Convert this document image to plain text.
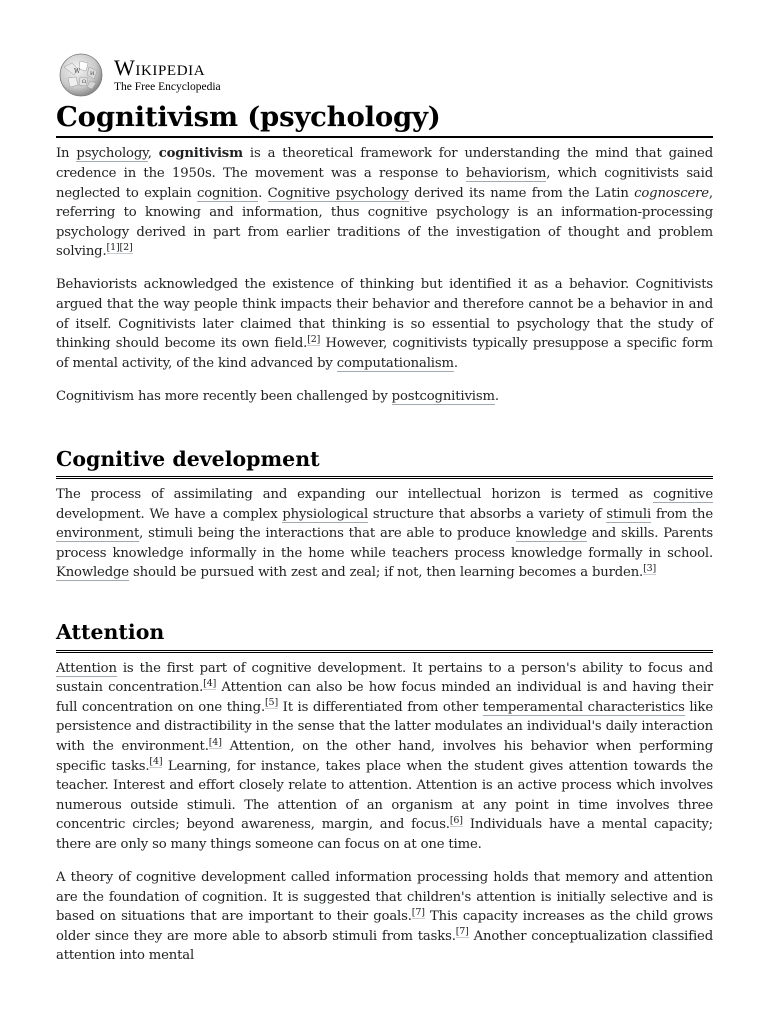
W
Ω
И Wikipedia
The Free Encyclopedia
Cognitivism (psychology)

In psychology, cognitivism is a theoretical framework for understanding the mind that gained credence in the 1950s. The movement was a response to behaviorism, which cognitivists said neglected to explain cognition. Cognitive psychology derived its name from the Latin cognoscere, referring to knowing and information, thus cognitive psychology is an information-processing psychology derived in part from earlier traditions of the investigation of thought and problem solving.[1][2]

Behaviorists acknowledged the existence of thinking but identified it as a behavior. Cognitivists argued that the way people think impacts their behavior and therefore cannot be a behavior in and of itself. Cognitivists later claimed that thinking is so essential to psychology that the study of thinking should become its own field.[2] However, cognitivists typically presuppose a specific form of mental activity, of the kind advanced by computationalism.

Cognitivism has more recently been challenged by postcognitivism.

Cognitive development

The process of assimilating and expanding our intellectual horizon is termed as cognitive development. We have a complex physiological structure that absorbs a variety of stimuli from the environment, stimuli being the interactions that are able to produce knowledge and skills. Parents process knowledge informally in the home while teachers process knowledge formally in school. Knowledge should be pursued with zest and zeal; if not, then learning becomes a burden.[3]

Attention

Attention is the first part of cognitive development. It pertains to a person's ability to focus and sustain concentration.[4] Attention can also be how focus minded an individual is and having their full concentration on one thing.[5] It is differentiated from other temperamental characteristics like persistence and distractibility in the sense that the latter modulates an individual's daily interaction with the environment.[4] Attention, on the other hand, involves his behavior when performing specific tasks.[4] Learning, for instance, takes place when the student gives attention towards the teacher. Interest and effort closely relate to attention. Attention is an active process which involves numerous outside stimuli. The attention of an organism at any point in time involves three concentric circles; beyond awareness, margin, and focus.[6] Individuals have a mental capacity; there are only so many things someone can focus on at one time.

A theory of cognitive development called information processing holds that memory and attention are the foundation of cognition. It is suggested that children's attention is initially selective and is based on situations that are important to their goals.[7] This capacity increases as the child grows older since they are more able to absorb stimuli from tasks.[7] Another conceptualization classified attention into mental
